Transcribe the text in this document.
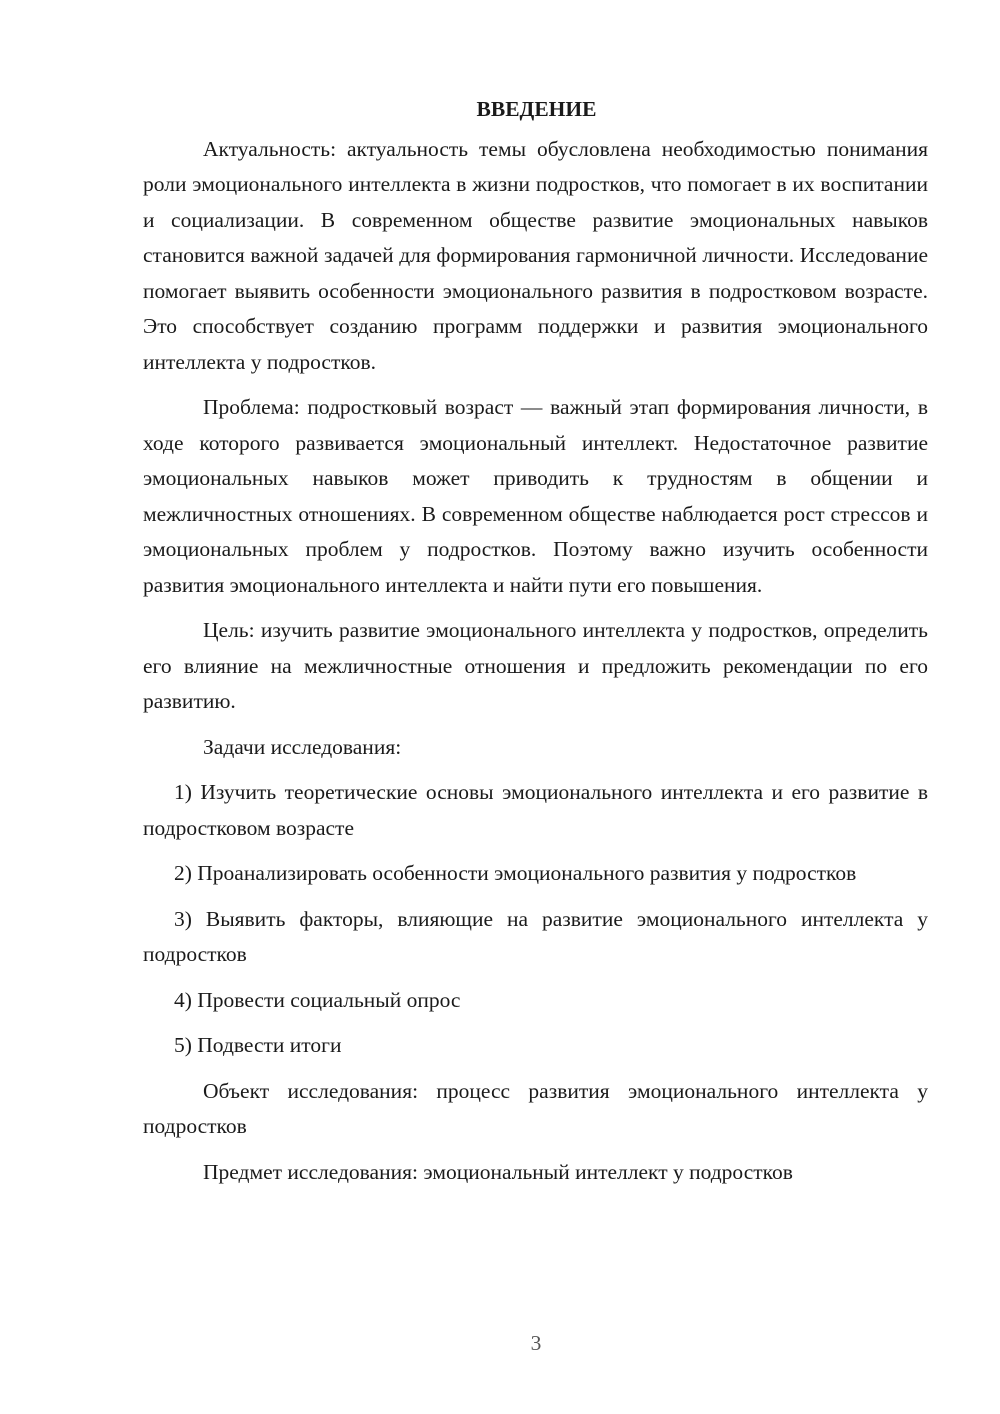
ВВЕДЕНИЕ

Актуальность: актуальность темы обусловлена необходимостью понимания роли эмоционального интеллекта в жизни подростков, что помогает в их воспитании и социализации. В современном обществе развитие эмоциональных навыков становится важной задачей для формирования гармоничной личности. Исследование помогает выявить особенности эмоционального развития в подростковом возрасте. Это способствует созданию программ поддержки и развития эмоционального интеллекта у подростков.

Проблема: подростковый возраст — важный этап формирования личности, в ходе которого развивается эмоциональный интеллект. Недостаточное развитие эмоциональных навыков может приводить к трудностям в общении и межличностных отношениях. В современном обществе наблюдается рост стрессов и эмоциональных проблем у подростков. Поэтому важно изучить особенности развития эмоционального интеллекта и найти пути его повышения.

Цель: изучить развитие эмоционального интеллекта у подростков, определить его влияние на межличностные отношения и предложить рекомендации по его развитию.

Задачи исследования:

1) Изучить теоретические основы эмоционального интеллекта и его развитие в подростковом возрасте

2) Проанализировать особенности эмоционального развития у подростков

3) Выявить факторы, влияющие на развитие эмоционального интеллекта у подростков

4) Провести социальный опрос

5) Подвести итоги

Объект исследования: процесс развития эмоционального интеллекта у подростков

Предмет исследования: эмоциональный интеллект у подростков

3
